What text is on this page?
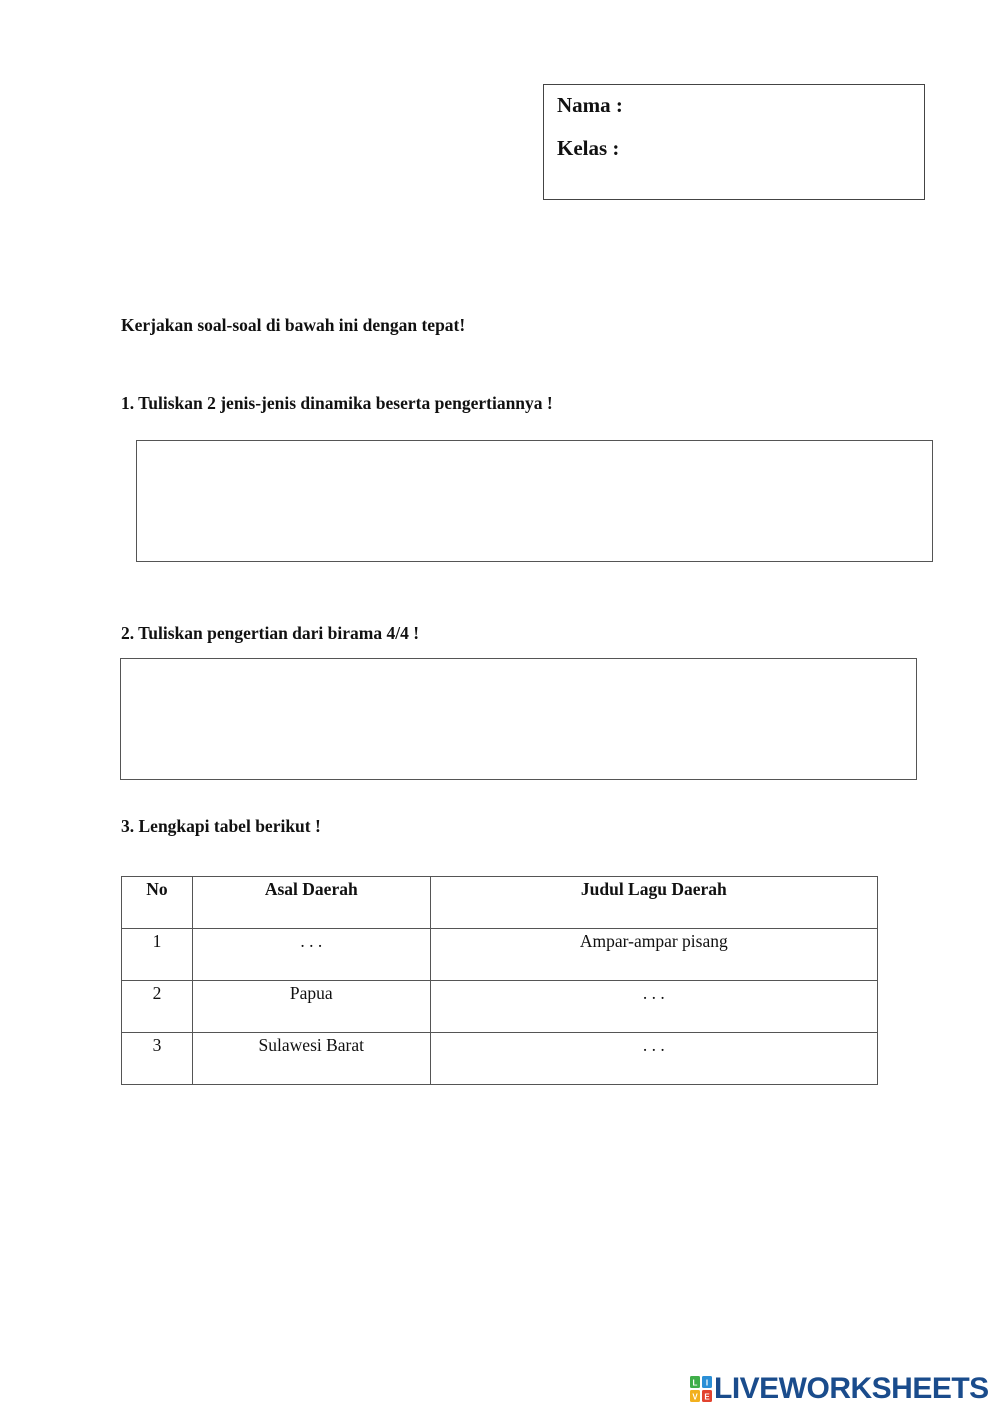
Nama :
Kelas :
Kerjakan soal-soal di bawah ini dengan tepat!
1. Tuliskan 2 jenis-jenis dinamika beserta pengertiannya !
2. Tuliskan pengertian dari birama 4/4 !
3. Lengkapi tabel berikut !
No	Asal Daerah	Judul Lagu Daerah
1	. . .	Ampar-ampar pisang
2	Papua	. . .
3	Sulawesi Barat	. . .
L I
V E LIVEWORKSHEETS
